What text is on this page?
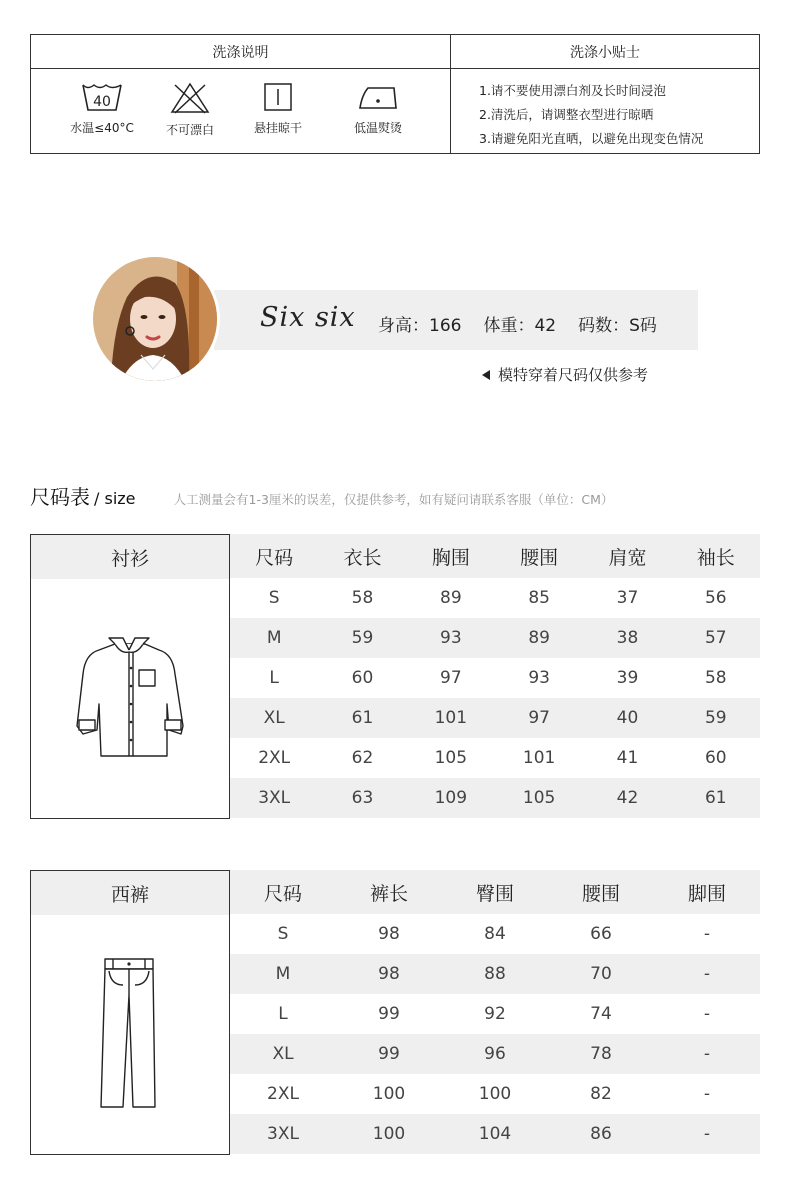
洗涤说明
40
水温≤40°C	不可漂白	悬挂晾干	低温熨烫
洗涤小贴士
1.请不要使用漂白剂及长时间浸泡
2.清洗后，请调整衣型进行晾晒
3.请避免阳光直晒，以避免出现变色情况
Six six 身高：166 体重：42 码数：S码
模特穿着尺码仅供参考
尺码表 / size	人工测量会有1-3厘米的误差，仅提供参考，如有疑问请联系客服（单位：CM）
衬衫	尺码	衣长	胸围	腰围	肩宽	袖长
S	58	89	85	37	56
M	59	93	89	38	57
L	60	97	93	39	58
XL	61	101	97	40	59
2XL	62	105	101	41	60
3XL	63	109	105	42	61
西裤	尺码	裤长	臀围	腰围	脚围
S	98	84	66	-
M	98	88	70	-
L	99	92	74	-
XL	99	96	78	-
2XL	100	100	82	-
3XL	100	104	86	-
